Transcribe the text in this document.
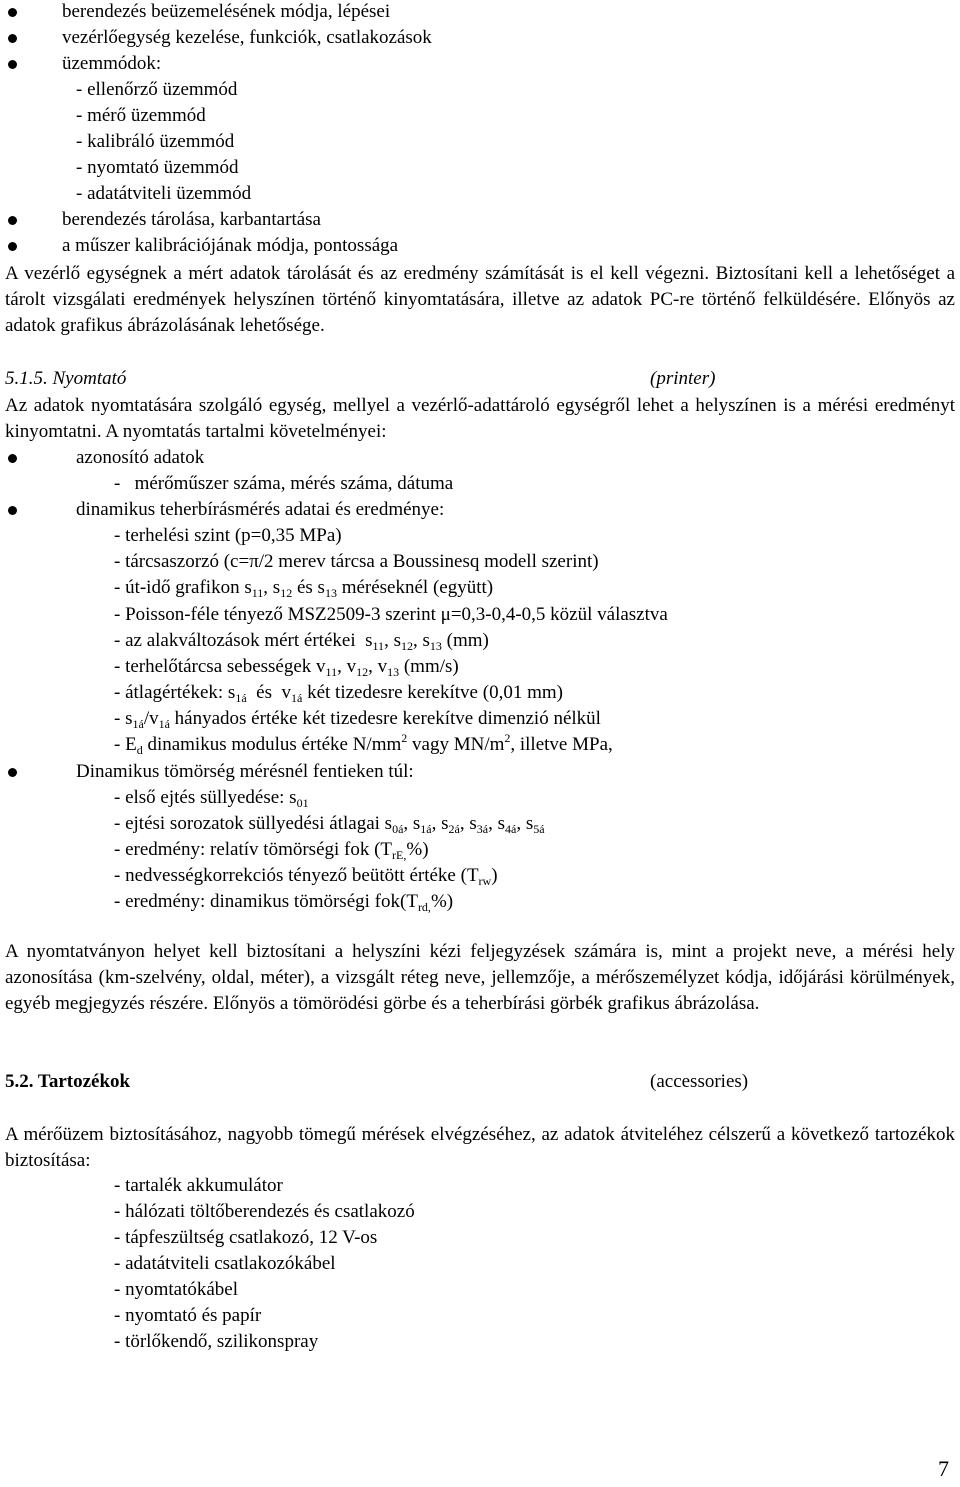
berendezés beüzemelésének módja, lépései
vezérlőegység kezelése, funkciók, csatlakozások
üzemmódok:
- ellenőrző üzemmód
- mérő üzemmód
- kalibráló üzemmód
- nyomtató üzemmód
- adatátviteli üzemmód
berendezés tárolása, karbantartása
a műszer kalibrációjának módja, pontossága
A vezérlő egységnek a mért adatok tárolását és az eredmény számítását is el kell végezni. Biztosítani kell a lehetőséget a tárolt vizsgálati eredmények helyszínen történő kinyomtatására, illetve az adatok PC-re történő felküldésére. Előnyös az adatok grafikus ábrázolásának lehetősége.
5.1.5. Nyomtató	(printer)
Az adatok nyomtatására szolgáló egység, mellyel a vezérlő-adattároló egységről lehet a helyszínen is a mérési eredményt kinyomtatni. A nyomtatás tartalmi követelményei:
azonosító adatok
-   mérőműszer száma, mérés száma, dátuma
dinamikus teherbírásmérés adatai és eredménye:
- terhelési szint (p=0,35 MPa)
- tárcsaszorzó (c=π/2 merev tárcsa a Boussinesq modell szerint)
- út-idő grafikon $s_{11}$, $s_{12}$ és $s_{13}$ méréseknél (együtt)
- Poisson-féle tényező MSZ2509-3 szerint μ=0,3-0,4-0,5 közül választva
- az alakváltozások mért értékei  $s_{11}$, $s_{12}$, $s_{13}$ (mm)
- terhelőtárcsa sebességek $v_{11}$, $v_{12}$, $v_{13}$ (mm/s)
- átlagértékek: $s_{1á}$  és  $v_{1á}$ két tizedesre kerekítve (0,01 mm)
- $s_{1á}/v_{1á}$ hányados értéke két tizedesre kerekítve dimenzió nélkül
- $E_d$ dinamikus modulus értéke $N/mm^2$ vagy $MN/m^2$, illetve MPa,
Dinamikus tömörség mérésnél fentieken túl:
- első ejtés süllyedése: $s_{01}$
- ejtési sorozatok süllyedési átlagai $s_{0á}$, $s_{1á}$, $s_{2á}$, $s_{3á}$, $s_{4á}$, $s_{5á}$
- eredmény: relatív tömörségi fok $(T_{rE,}\%)$
- nedvességkorrekciós tényező beütött értéke $(T_{rw})$
- eredmény: dinamikus tömörségi $fok(T_{rd,}\%)$
A nyomtatványon helyet kell biztosítani a helyszíni kézi feljegyzések számára is, mint a projekt neve, a mérési hely azonosítása (km-szelvény, oldal, méter), a vizsgált réteg neve, jellemzője, a mérőszemélyzet kódja, időjárási körülmények, egyéb megjegyzés részére. Előnyös a tömörödési görbe és a teherbírási görbék grafikus ábrázolása.
5.2. Tartozékok	(accessories)
A mérőüzem biztosításához, nagyobb tömegű mérések elvégzéséhez, az adatok átviteléhez célszerű a következő tartozékok biztosítása:
- tartalék akkumulátor
- hálózati töltőberendezés és csatlakozó
- tápfeszültség csatlakozó, 12 V-os
- adatátviteli csatlakozókábel
- nyomtatókábel
- nyomtató és papír
- törlőkendő, szilikonspray
7
